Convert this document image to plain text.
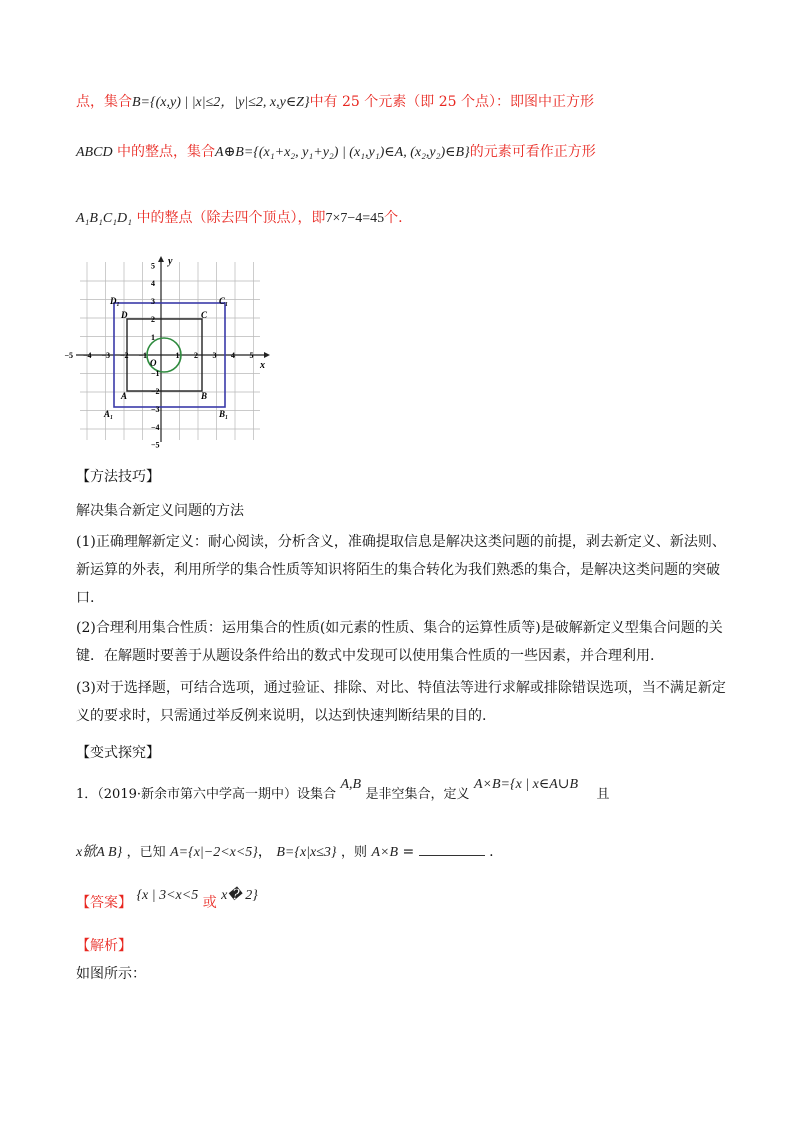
点，集合B={(x,y) | |x|≤2，|y|≤2, x,y∈Z}中有 25 个元素（即 25 个点）：即图中正方形
ABCD 中的整点，集合A⊕B={(x₁+x₂, y₁+y₂) | (x₁,y₁)∈A, (x₂,y₂)∈B}的元素可看作正方形
A₁B₁C₁D₁ 中的整点（除去四个顶点），即7×7−4=45个.
x
y
−5 −4 −3 −2 −1	1 2 3 4 5
5
4
3
2
1
−1
−2
−3
−4
−5
O
D₁	C₁
A₁	B₁
D	C
A	B
【方法技巧】
解决集合新定义问题的方法
(1)正确理解新定义：耐心阅读，分析含义，准确提取信息是解决这类问题的前提，剥去新定义、新法则、新运算的外表，利用所学的集合性质等知识将陌生的集合转化为我们熟悉的集合，是解决这类问题的突破口.
(2)合理利用集合性质：运用集合的性质(如元素的性质、集合的运算性质等)是破解新定义型集合问题的关键．在解题时要善于从题设条件给出的数式中发现可以使用集合性质的一些因素，并合理利用.
(3)对于选择题，可结合选项，通过验证、排除、对比、特值法等进行求解或排除错误选项，当不满足新定义的要求时，只需通过举反例来说明，以达到快速判断结果的目的.
【变式探究】
1．（2019·新余市第六中学高一期中）设集合 A,B 是非空集合，定义 A×B={x | x∈A∪B 且
x锨A B} ，已知 A={x|−2<x<5}， B={x|x≤3} ，则 A×B =	.
【答案】 {x | 3<x<5 或 x� 2}
【解析】
如图所示：
